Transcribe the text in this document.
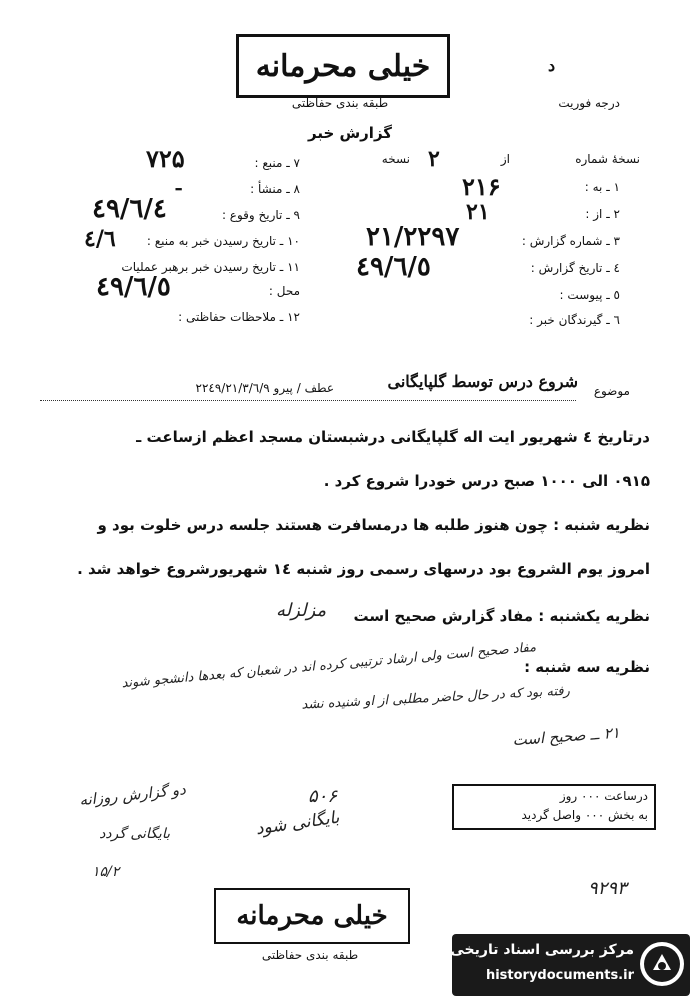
خیلی محرمانه
طبقه بندی حفاظتی
د
درجه فوریت
گزارش خبر
نسخهٔ شماره
از
۲
نسخه
۱ ـ به :
۲۱۶
۲ ـ از :
۲۱
۳ ـ شماره گزارش :
۲۱/۲۲۹۷
٤ ـ تاریخ گزارش :
٤۹/٦/٥
٥ ـ پیوست :
٦ ـ گیرندگان خبر :
۷ ـ منبع :
۷۲۵
۸ ـ منشأ :
ـ
۹ ـ تاریخ وقوع :
٤۹/٦/٤
۱۰ ـ تاریخ رسیدن خبر به منبع :
٤/٦
۱۱ ـ تاریخ رسیدن خبر برهبر عملیات
محل :
٤۹/٦/٥
۱۲ ـ ملاحظات حفاظتی :
موضوع
شروع درس توسط گلپایگانی
عطف / پیرو ۲۲٤۹/۲۱/۳/٦/۹
درتاریخ ٤ شهریور ایت اله گلپایگانی درشبستان مسجد اعظم ازساعت ـ
۰۹۱۵ الی ۱۰۰۰ صبح درس خودرا شروع کرد .
نظریه شنبه : چون هنوز طلبه ها درمسافرت هستند جلسه درس خلوت بود و
امروز یوم الشروع بود درسهای رسمی روز شنبه ۱٤ شهریورشروع خواهد شد .
نظریه یکشنبه : مفاد گزارش صحیح است
مزلزله
نظریه سه شنبه :
مفاد صحیح است ولی ارشاد ترتیبی کرده اند در شعبان که بعدها دانشجو شوند
رفته بود که در حال حاضر مطلبی از او شنیده نشد
۲۱ ــ صحیح است
دو گزارش روزانه
بایگانی گردد
۱۵/۲
۵۰۶
بایگانی شود
درساعت ۰۰۰ روز
به بخش ۰۰۰ واصل گردید
۹۲۹۳
خیلی محرمانه
طبقه بندی حفاظتی	مرکز بررسی اسناد تاریخی
historydocuments.ir
